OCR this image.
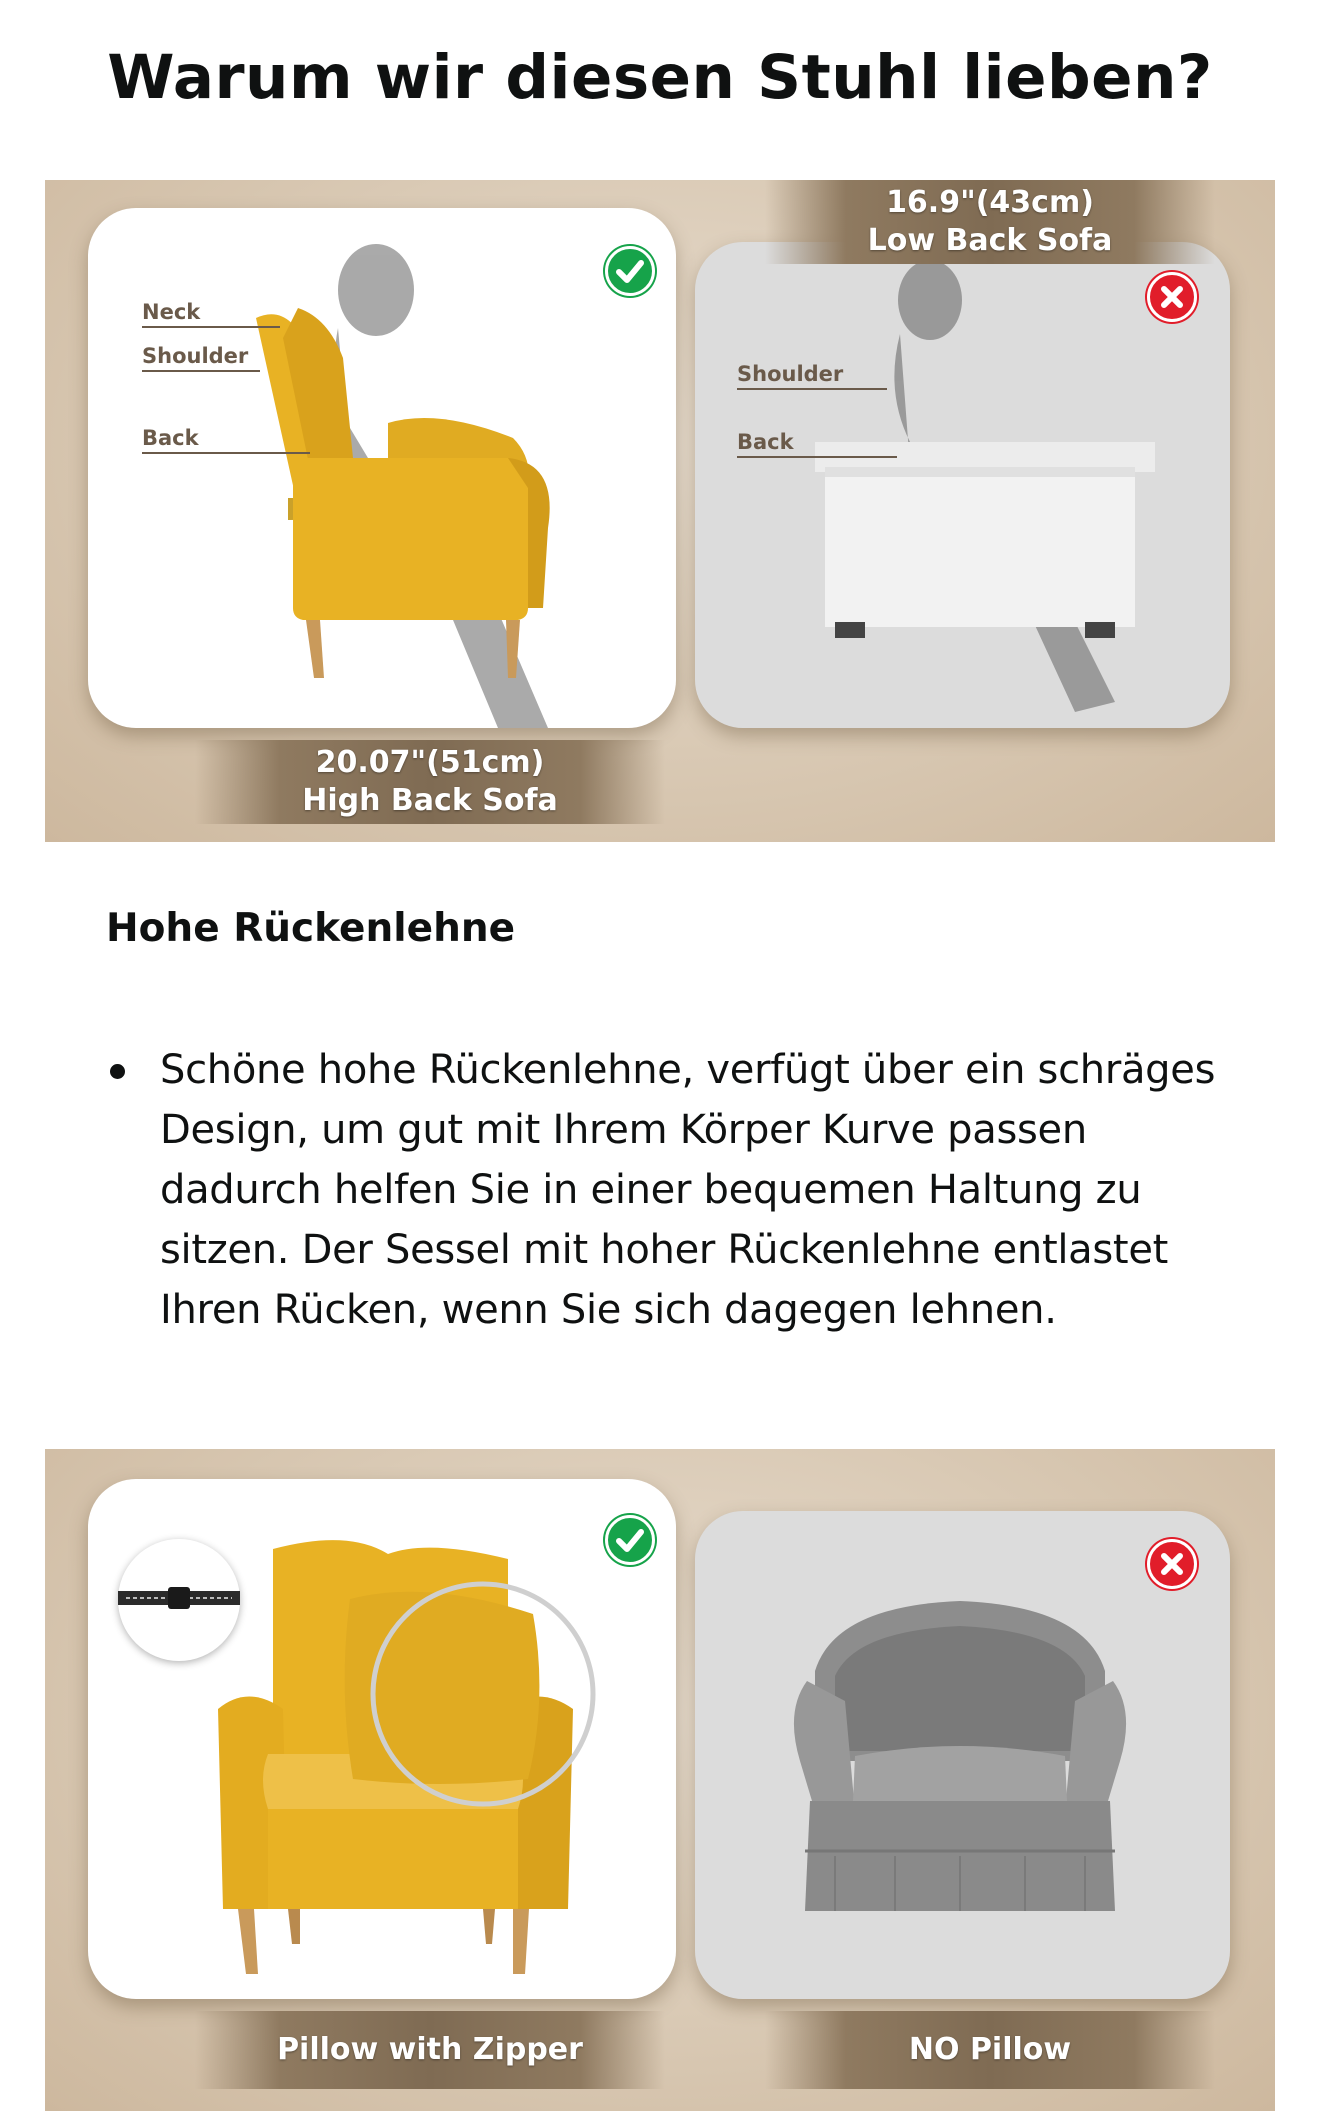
Warum wir diesen Stuhl lieben?
Neck
Shoulder
Back
Shoulder
Back
20.07"(51cm)
High Back Sofa
16.9"(43cm)
Low Back Sofa
Hohe Rückenlehne
Schöne hohe Rückenlehne, verfügt über ein schräges Design, um gut mit Ihrem Körper Kurve passen dadurch helfen Sie in einer bequemen Haltung zu sitzen. Der Sessel mit hoher Rückenlehne entlastet Ihren Rücken, wenn Sie sich dagegen lehnen.
Pillow with Zipper	NO Pillow
